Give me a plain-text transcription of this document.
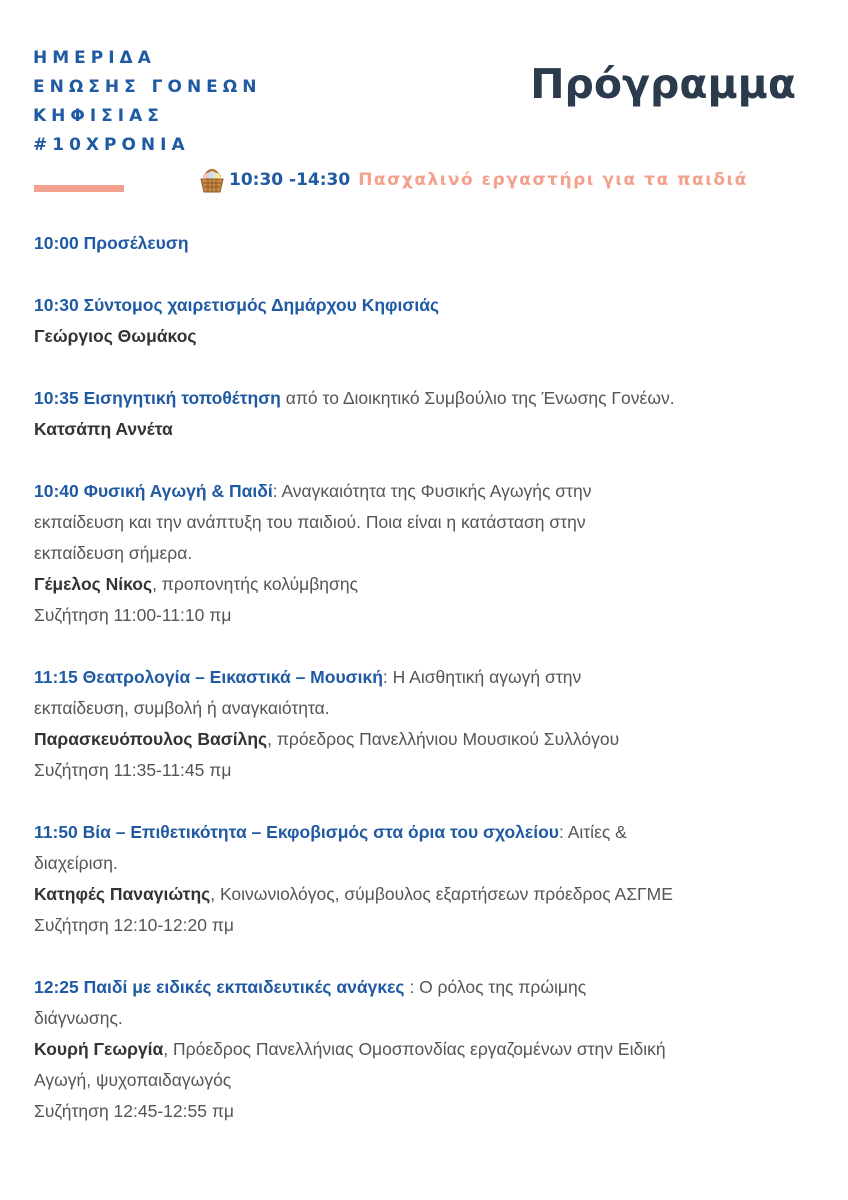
ΗΜΕΡΙΔΑ
ΕΝΩΣΗΣ ΓΟΝΕΩΝ
ΚΗΦΙΣΙΑΣ
#10ΧΡΟΝΙΑ
Πρόγραμμα
10:30 -14:30 Πασχαλινό εργαστήρι για τα παιδιά
10:00 Προσέλευση
10:30 Σύντομος χαιρετισμός Δημάρχου Κηφισιάς
Γεώργιος Θωμάκος
10:35 Εισηγητική τοποθέτηση από το Διοικητικό Συμβούλιο της Ένωσης Γονέων.
Κατσάπη Αννέτα
10:40 Φυσική Αγωγή & Παιδί: Αναγκαιότητα της Φυσικής Αγωγής στην
εκπαίδευση και την ανάπτυξη του παιδιού. Ποια είναι η κατάσταση στην
εκπαίδευση σήμερα.
Γέμελος Νίκος, προπονητής κολύμβησης
Συζήτηση 11:00-11:10 πμ
11:15 Θεατρολογία – Εικαστικά – Μουσική: Η Αισθητική αγωγή στην
εκπαίδευση, συμβολή ή αναγκαιότητα.
Παρασκευόπουλος Βασίλης, πρόεδρος Πανελλήνιου Μουσικού Συλλόγου
Συζήτηση 11:35-11:45 πμ
11:50 Βία – Επιθετικότητα – Εκφοβισμός στα όρια του σχολείου: Αιτίες &
διαχείριση.
Κατηφές Παναγιώτης, Κοινωνιολόγος, σύμβουλος εξαρτήσεων πρόεδρος ΑΣΓΜΕ
Συζήτηση 12:10-12:20 πμ
12:25 Παιδί με ειδικές εκπαιδευτικές ανάγκες : Ο ρόλος της πρώιμης
διάγνωσης.
Κουρή Γεωργία, Πρόεδρος Πανελλήνιας Ομοσπονδίας εργαζομένων στην Ειδική
Αγωγή, ψυχοπαιδαγωγός
Συζήτηση 12:45-12:55 πμ
